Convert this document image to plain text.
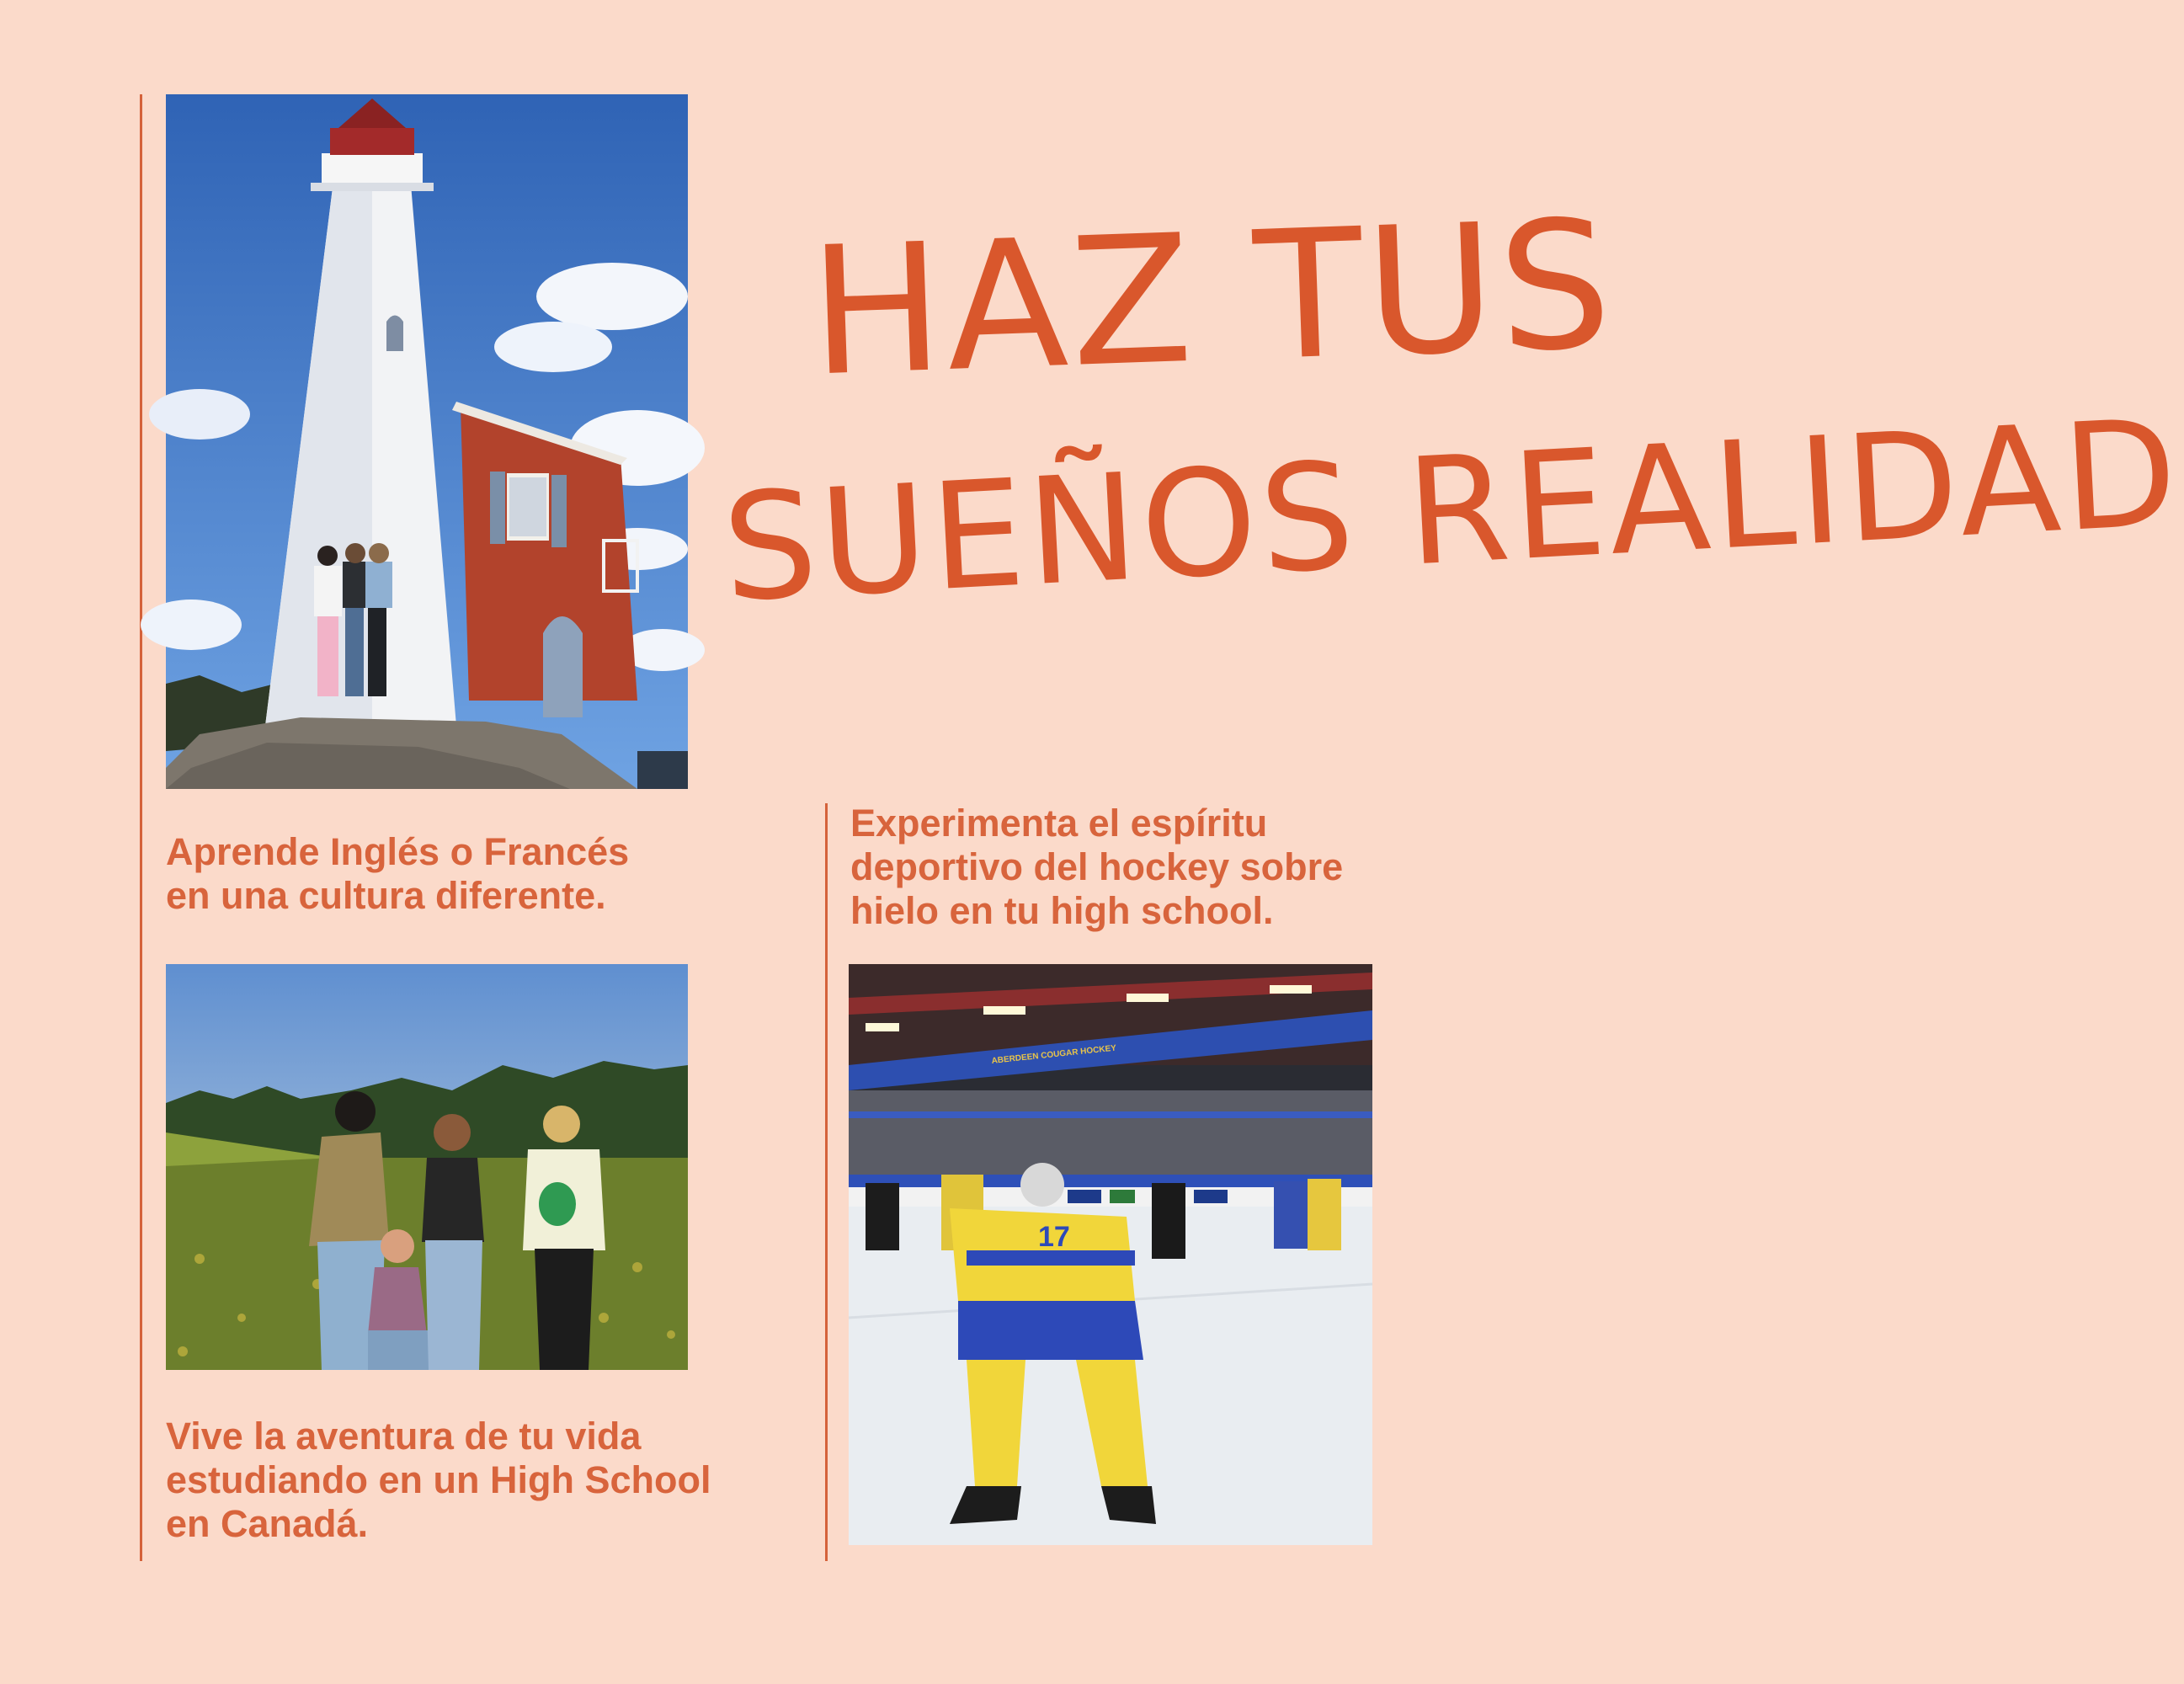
HAZ TUS
SUEÑOS REALIDAD
Aprende Inglés o Francés
en una cultura diferente.
Experimenta el espíritu
deportivo del hockey sobre
hielo en tu high school.
ABERDEEN COUGAR HOCKEY
17
Vive la aventura de tu vida
estudiando en un High School
en Canadá.
